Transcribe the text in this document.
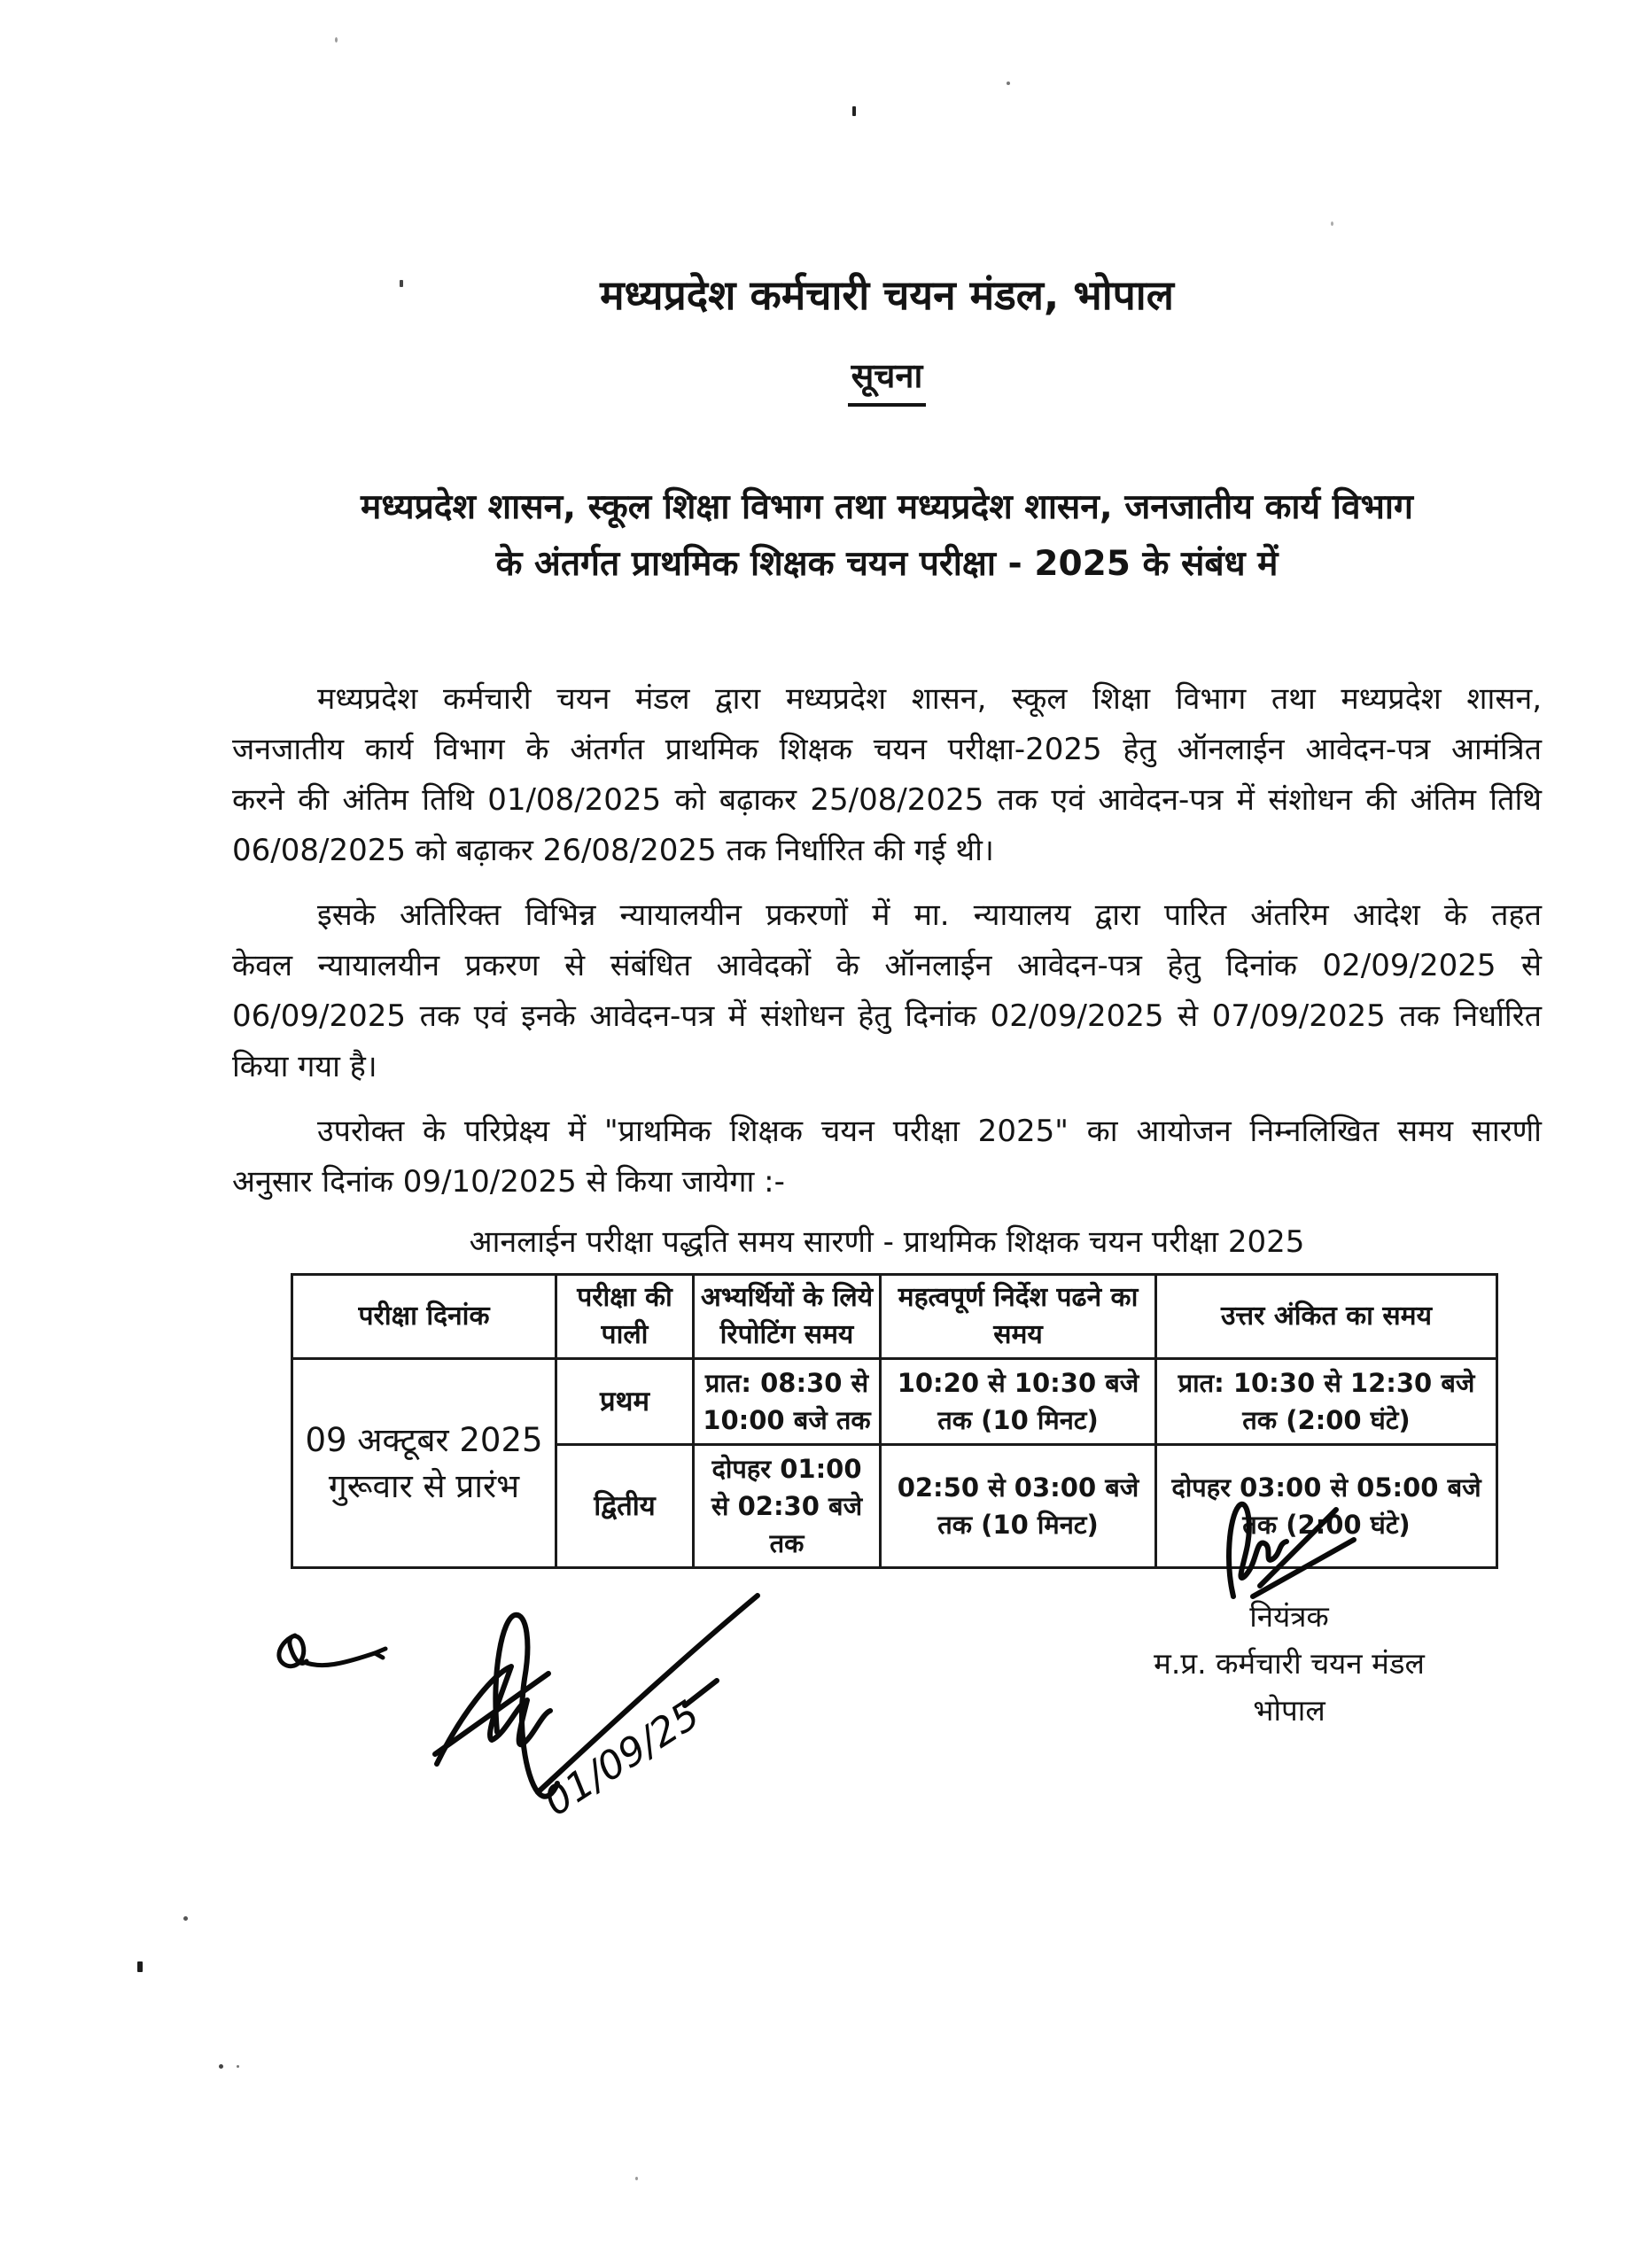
मध्यप्रदेश कर्मचारी चयन मंडल, भोपाल
सूचना
मध्यप्रदेश शासन, स्कूल शिक्षा विभाग तथा मध्यप्रदेश शासन, जनजातीय कार्य विभाग
के अंतर्गत प्राथमिक शिक्षक चयन परीक्षा - 2025 के संबंध में
मध्यप्रदेश कर्मचारी चयन मंडल द्वारा मध्यप्रदेश शासन, स्कूल शिक्षा विभाग तथा मध्यप्रदेश शासन,
जनजातीय कार्य विभाग के अंतर्गत प्राथमिक शिक्षक चयन परीक्षा-2025 हेतु ऑनलाईन आवेदन-पत्र आमंत्रित
करने की अंतिम तिथि 01/08/2025 को बढ़ाकर 25/08/2025 तक एवं आवेदन-पत्र में संशोधन की अंतिम तिथि
06/08/2025 को बढ़ाकर 26/08/2025 तक निर्धारित की गई थी।
इसके अतिरिक्त विभिन्न न्यायालयीन प्रकरणों में मा. न्यायालय द्वारा पारित अंतरिम आदेश के तहत
केवल न्यायालयीन प्रकरण से संबंधित आवेदकों के ऑनलाईन आवेदन-पत्र हेतु दिनांक 02/09/2025 से
06/09/2025 तक एवं इनके आवेदन-पत्र में संशोधन हेतु दिनांक 02/09/2025 से 07/09/2025 तक निर्धारित
किया गया है।
उपरोक्त के परिप्रेक्ष्य में "प्राथमिक शिक्षक चयन परीक्षा 2025" का आयोजन निम्नलिखित समय सारणी
अनुसार दिनांक 09/10/2025 से किया जायेगा :-
आनलाईन परीक्षा पद्धति समय सारणी - प्राथमिक शिक्षक चयन परीक्षा 2025
परीक्षा दिनांक	परीक्षा की पाली	अभ्यर्थियों के लिये रिपोटिंग समय	महत्वपूर्ण निर्देश पढने का समय	उत्तर अंकित का समय

09 अक्टूबर 2025
गुरूवार से प्रारंभ	प्रथम	प्रात: 08:30 से 10:00 बजे तक	10:20 से 10:30 बजे तक (10 मिनट)	प्रात: 10:30 से 12:30 बजे तक (2:00 घंटे)
	द्वितीय	दोपहर 01:00 से 02:30 बजे तक	02:50 से 03:00 बजे तक (10 मिनट)	दोपहर 03:00 से 05:00 बजे तक (2:00 घंटे)
नियंत्रक
म.प्र. कर्मचारी चयन मंडल
भोपाल
01/09/25
